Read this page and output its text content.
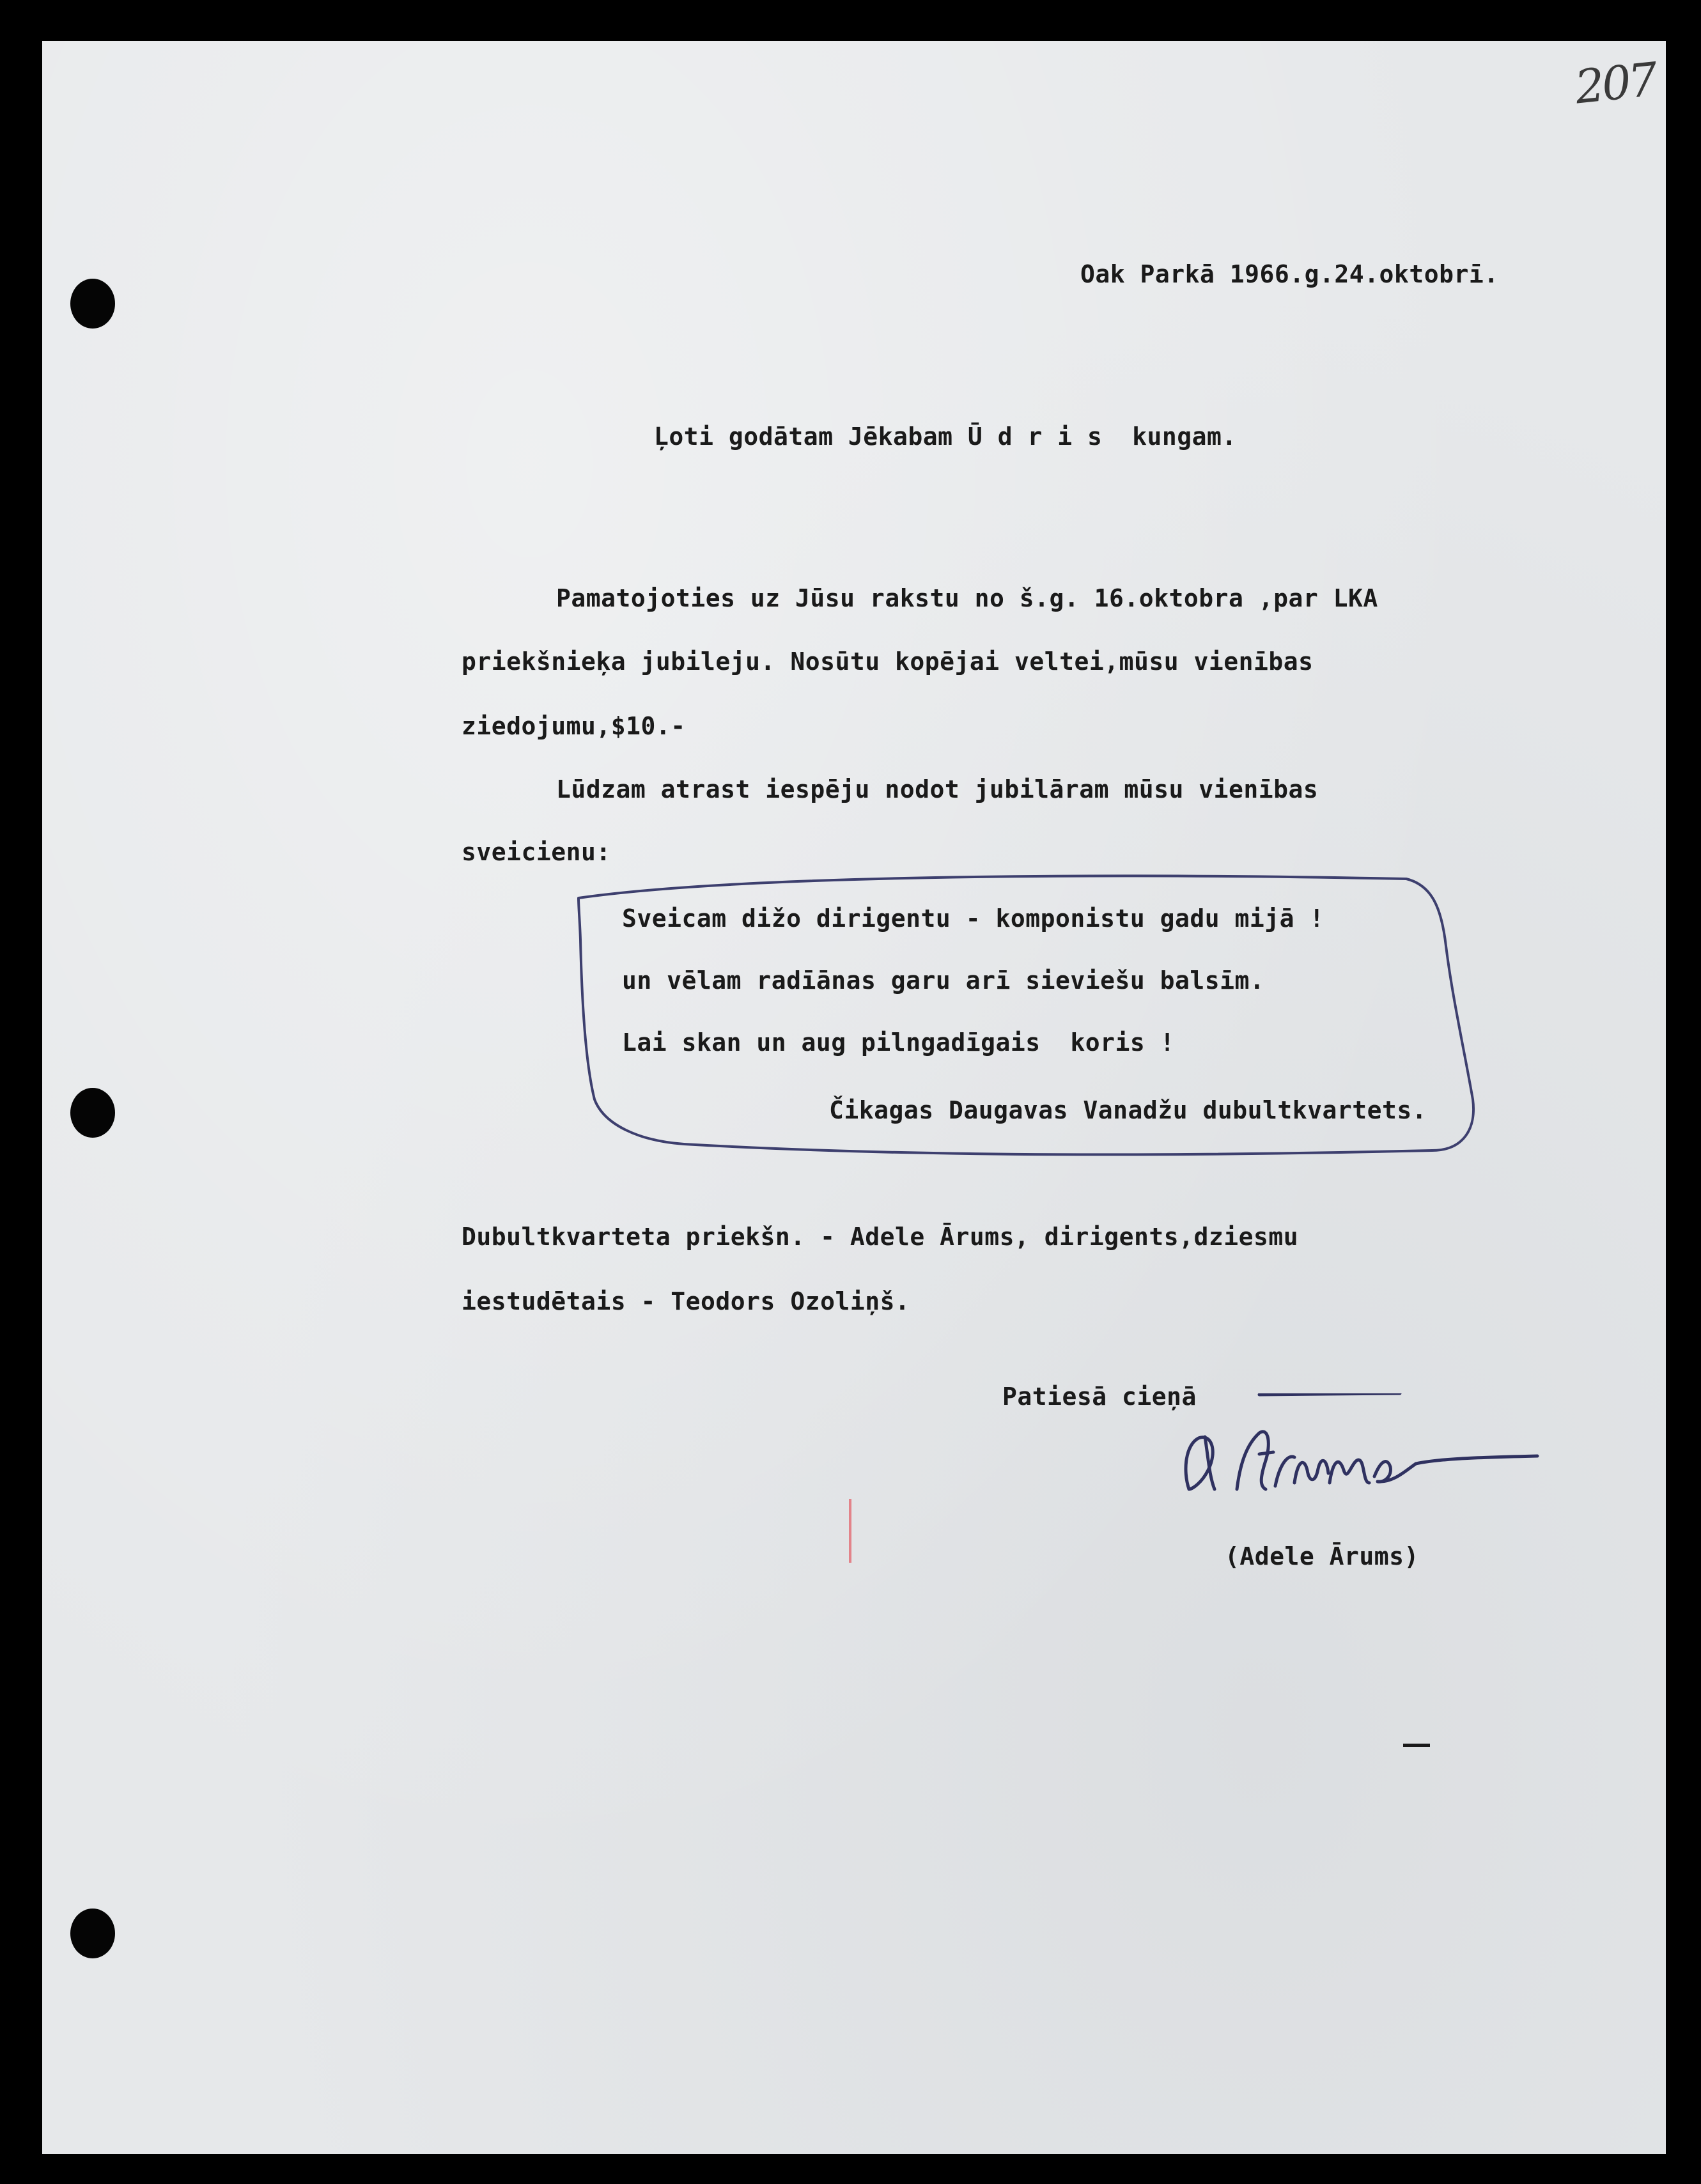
207

Oak Parkā 1966.g.24.oktobrī.

Ļoti godātam Jēkabam Ū d r i s  kungam.

Pamatojoties uz Jūsu rakstu no š.g. 16.oktobra ,par LKA

priekšnieķa jubileju. Nosūtu kopējai veltei,mūsu vienības

ziedojumu,$10.-

Lūdzam atrast iespēju nodot jubilāram mūsu vienības

sveicienu:

Sveicam dižo dirigentu - komponistu gadu mijā !

un vēlam radīānas garu arī sieviešu balsīm.

Lai skan un aug pilngadīgais  koris !

Čikagas Daugavas Vanadžu dubultkvartets.

Dubultkvarteta priekšn. - Adele Ārums, dirigents,dziesmu

iestudētais - Teodors Ozoliņš.

Patiesā cieņā

(Adele Ārums)
